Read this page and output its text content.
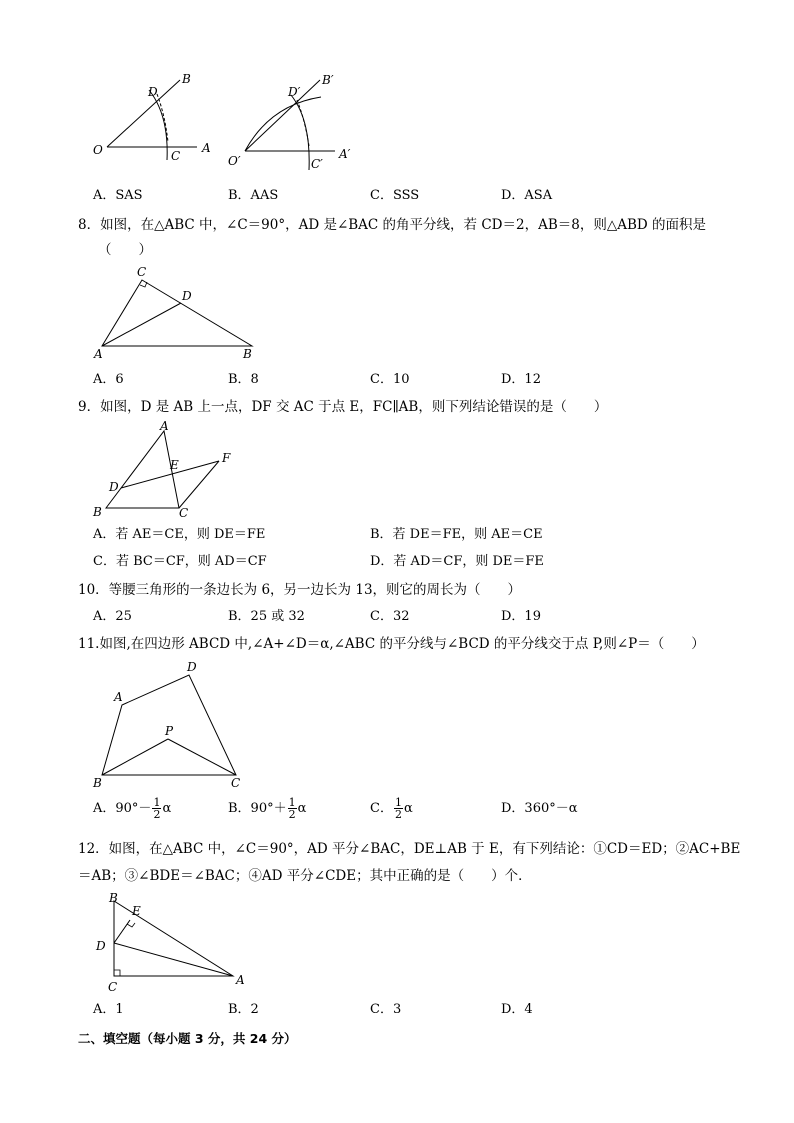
O	A
B
C
D
O′	A′
B′
C′
D′
A．SAS	B．AAS	C．SSS	D．ASA
8．如图，在△ABC 中，∠C＝90°，AD 是∠BAC 的角平分线，若 CD＝2，AB＝8，则△ABD 的面积是
（　　）
C
D
A	B
A．6	B．8	C．10	D．12
9．如图，D 是 AB 上一点，DF 交 AC 于点 E，FC∥AB，则下列结论错误的是（　　）
A
E	F
D
B	C
A．若 AE＝CE，则 DE＝FE	B．若 DE＝FE，则 AE＝CE
C．若 BC＝CF，则 AD＝CF	D．若 AD＝CF，则 DE＝FE
10．等腰三角形的一条边长为 6，另一边长为 13，则它的周长为（　　）
A．25	B．25 或 32	C．32	D．19
11.如图,在四边形 ABCD 中,∠A+∠D＝α,∠ABC 的平分线与∠BCD 的平分线交于点 P,则∠P＝（　　）
A
D
P
B	C
A．$90^\circ- \frac{1}{2}$ α	B．$90^\circ+ \frac{1}{2}$ α	C． $\frac{1}{2}$ α	D．360°－α
12．如图，在△ABC 中，∠C＝90°，AD 平分∠BAC，DE⊥AB 于 E，有下列结论：①CD＝ED；②AC+BE
＝AB；③∠BDE＝∠BAC；④AD 平分∠CDE；其中正确的是（　　）个．
B
E
D
C	A
A．1	B．2	C．3	D．4
二、填空题（每小题 3 分，共 24 分）
